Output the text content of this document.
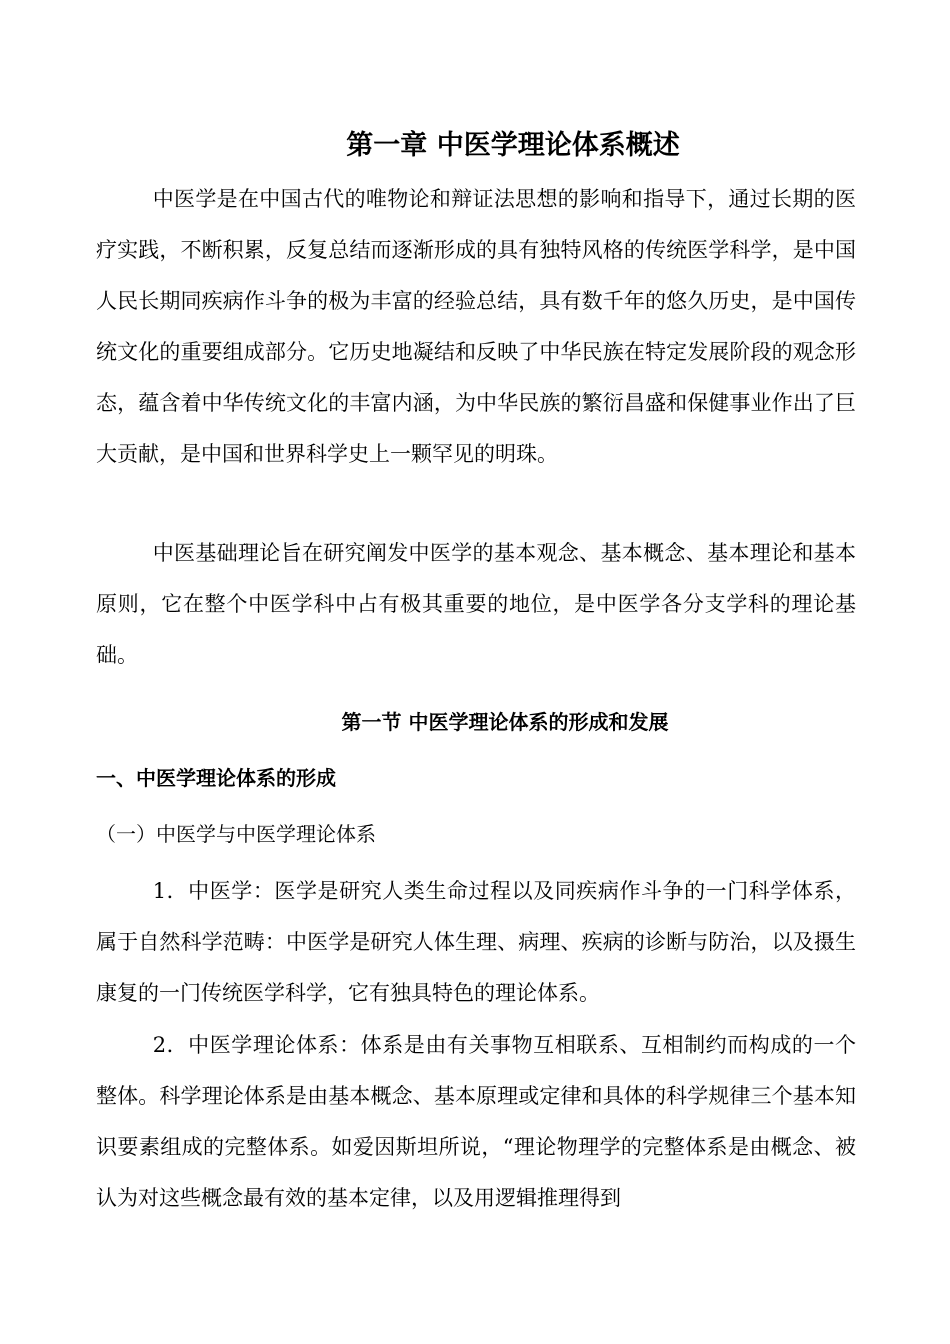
第一章 中医学理论体系概述

中医学是在中国古代的唯物论和辩证法思想的影响和指导下，通过长期的医疗实践，不断积累，反复总结而逐渐形成的具有独特风格的传统医学科学，是中国人民长期同疾病作斗争的极为丰富的经验总结，具有数千年的悠久历史，是中国传统文化的重要组成部分。它历史地凝结和反映了中华民族在特定发展阶段的观念形态，蕴含着中华传统文化的丰富内涵，为中华民族的繁衍昌盛和保健事业作出了巨大贡献，是中国和世界科学史上一颗罕见的明珠。

中医基础理论旨在研究阐发中医学的基本观念、基本概念、基本理论和基本原则，它在整个中医学科中占有极其重要的地位，是中医学各分支学科的理论基础。

第一节 中医学理论体系的形成和发展
一、中医学理论体系的形成
（一）中医学与中医学理论体系

1．中医学：医学是研究人类生命过程以及同疾病作斗争的一门科学体系，属于自然科学范畴：中医学是研究人体生理、病理、疾病的诊断与防治，以及摄生康复的一门传统医学科学，它有独具特色的理论体系。

2．中医学理论体系：体系是由有关事物互相联系、互相制约而构成的一个整体。科学理论体系是由基本概念、基本原理或定律和具体的科学规律三个基本知识要素组成的完整体系。如爱因斯坦所说，“理论物理学的完整体系是由概念、被认为对这些概念最有效的基本定律，以及用逻辑推理得到
